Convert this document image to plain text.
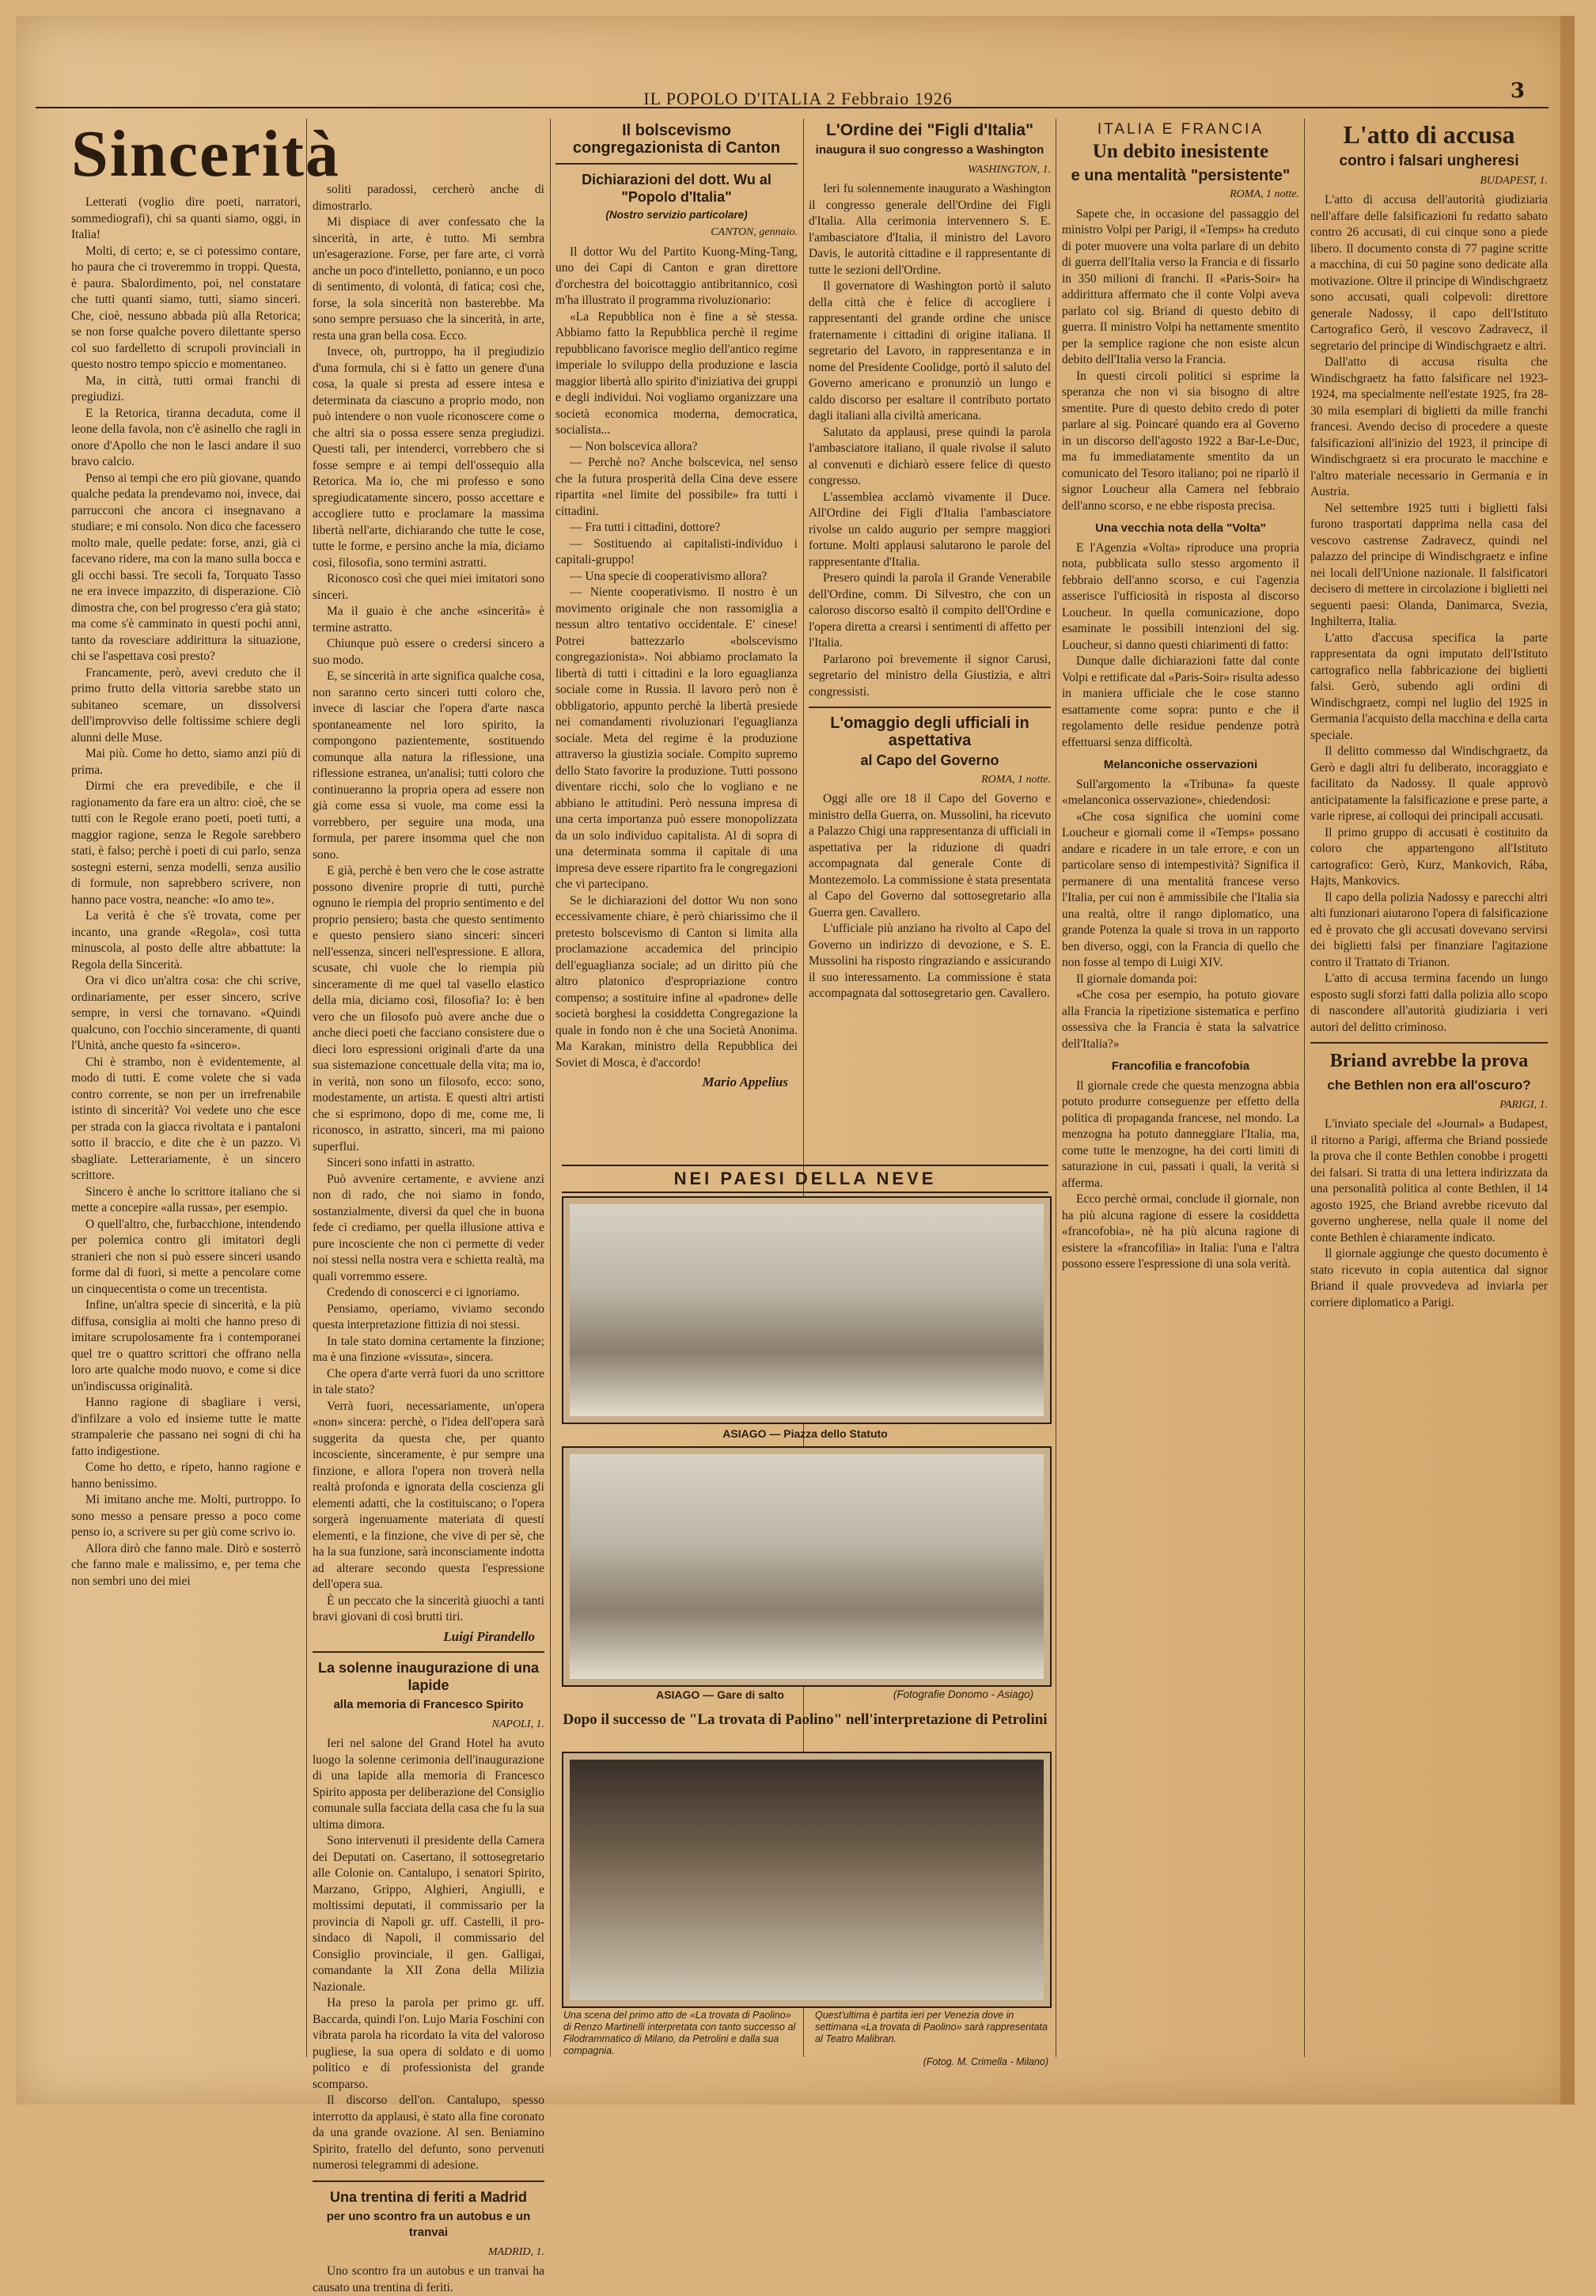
IL POPOLO D'ITALIA 2 Febbraio 1926	3
Sincerità

Letterati (voglio dire poeti, narratori, sommediografi), chi sa quanti siamo, oggi, in Italia!

Molti, di certo; e, se ci potessimo contare, ho paura che ci troveremmo in troppi. Questa, è paura. Sbalordimento, poi, nel constatare che tutti quanti siamo, tutti, siamo sinceri. Che, cioè, nessuno abbada più alla Retorica; se non forse qualche povero dilettante sperso col suo fardelletto di scrupoli provinciali in questo nostro tempo spiccio e momentaneo.

Ma, in città, tutti ormai franchi di pregiudizi.

E la Retorica, tiranna decaduta, come il leone della favola, non c'è asinello che ragli in onore d'Apollo che non le lasci andare il suo bravo calcio.

Penso ai tempi che ero più giovane, quando qualche pedata la prendevamo noi, invece, dai parrucconi che ancora ci insegnavano a studiare; e mi consolo. Non dico che facessero molto male, quelle pedate: forse, anzi, già ci facevano ridere, ma con la mano sulla bocca e gli occhi bassi. Tre secoli fa, Torquato Tasso ne era invece impazzito, di disperazione. Ciò dimostra che, con bel progresso c'era già stato; ma come s'è camminato in questi pochi anni, tanto da rovesciare addirittura la situazione, chi se l'aspettava così presto?

Francamente, però, avevi creduto che il primo frutto della vittoria sarebbe stato un subitaneo scemare, un dissolversi dell'improvviso delle foltissime schiere degli alunni delle Muse.

Mai più. Come ho detto, siamo anzi più di prima.

Dirmi che era prevedibile, e che il ragionamento da fare era un altro: cioè, che se tutti con le Regole erano poeti, poeti tutti, a maggior ragione, senza le Regole sarebbero stati, è falso; perchè i poeti di cui parlo, senza sostegni esterni, senza modelli, senza ausilio di formule, non saprebbero scrivere, non hanno pace vostra, neanche: «Io amo te».

La verità è che s'è trovata, come per incanto, una grande «Regola», così tutta minuscola, al posto delle altre abbattute: la Regola della Sincerità.

Ora vi dico un'altra cosa: che chi scrive, ordinariamente, per esser sincero, scrive sempre, in versi che tornavano. «Quindi qualcuno, con l'occhio sinceramente, di quanti l'Unità, anche questo fa «sincero».

Chi è strambo, non è evidentemente, al modo di tutti. E come volete che si vada contro corrente, se non per un irrefrenabile istinto di sincerità? Voi vedete uno che esce per strada con la giacca rivoltata e i pantaloni sotto il braccio, e dite che è un pazzo. Vi sbagliate. Letterariamente, è un sincero scrittore.

Sincero è anche lo scrittore italiano che si mette a concepire «alla russa», per esempio.

O quell'altro, che, furbacchione, intendendo per polemica contro gli imitatori degli stranieri che non si può essere sinceri usando forme dal di fuori, si mette a pencolare come un cinquecentista o come un trecentista.

Infine, un'altra specie di sincerità, e la più diffusa, consiglia ai molti che hanno preso di imitare scrupolosamente fra i contemporanei quel tre o quattro scrittori che offrano nella loro arte qualche modo nuovo, e come si dice un'indiscussa originalità.

Hanno ragione di sbagliare i versi, d'infilzare a volo ed insieme tutte le matte strampalerie che passano nei sogni di chi ha fatto indigestione.

Come ho detto, e ripeto, hanno ragione e hanno benissimo.

Mi imitano anche me. Molti, purtroppo. Io sono messo a pensare presso a poco come penso io, a scrivere su per giù come scrivo io.

Allora dirò che fanno male. Dirò e sosterrò che fanno male e malissimo, e, per tema che non sembri uno dei miei

soliti paradossi, cercherò anche di dimostrarlo.

Mi dispiace di aver confessato che la sincerità, in arte, è tutto. Mi sembra un'esagerazione. Forse, per fare arte, ci vorrà anche un poco d'intelletto, ponianno, e un poco di sentimento, di volontà, di fatica; così che, forse, la sola sincerità non basterebbe. Ma sono sempre persuaso che la sincerità, in arte, resta una gran bella cosa. Ecco.

Invece, oh, purtroppo, ha il pregiudizio d'una formula, chi si è fatto un genere d'una cosa, la quale si presta ad essere intesa e determinata da ciascuno a proprio modo, non può intendere o non vuole riconoscere come o che altri sia o possa essere senza pregiudizi. Questi tali, per intenderci, vorrebbero che si fosse sempre e ai tempi dell'ossequio alla Retorica. Ma io, che mi professo e sono spregiudicatamente sincero, posso accettare e accogliere tutto e proclamare la massima libertà nell'arte, dichiarando che tutte le cose, tutte le forme, e persino anche la mia, diciamo così, filosofia, sono termini astratti.

Riconosco così che quei miei imitatori sono sinceri.

Ma il guaio è che anche «sincerità» è termine astratto.

Chiunque può essere o credersi sincero a suo modo.

E, se sincerità in arte significa qualche cosa, non saranno certo sinceri tutti coloro che, invece di lasciar che l'opera d'arte nasca spontaneamente nel loro spirito, la compongono pazientemente, sostituendo comunque alla natura la riflessione, una riflessione estranea, un'analisi; tutti coloro che continueranno la propria opera ad essere non già come essa si vuole, ma come essi la vorrebbero, per seguire una moda, una formula, per parere insomma quel che non sono.

E già, perchè è ben vero che le cose astratte possono divenire proprie di tutti, purchè ognuno le riempia del proprio sentimento e del proprio pensiero; basta che questo sentimento e questo pensiero siano sinceri: sinceri nell'essenza, sinceri nell'espressione. E allora, scusate, chi vuole che lo riempia più sinceramente di me quel tal vasello elastico della mia, diciamo così, filosofia? Io: è ben vero che un filosofo può avere anche due o anche dieci poeti che facciano consistere due o dieci loro espressioni originali d'arte da una sua sistemazione concettuale della vita; ma io, in verità, non sono un filosofo, ecco: sono, modestamente, un artista. E questi altri artisti che si esprimono, dopo di me, come me, li riconosco, in astratto, sinceri, ma mi paiono superflui.

Sinceri sono infatti in astratto.

Può avvenire certamente, e avviene anzi non di rado, che noi siamo in fondo, sostanzialmente, diversi da quel che in buona fede ci crediamo, per quella illusione attiva e pure incosciente che non ci permette di veder noi stessi nella nostra vera e schietta realtà, ma quali vorremmo essere.

Credendo di conoscerci e ci ignoriamo.

Pensiamo, operiamo, viviamo secondo questa interpretazione fittizia di noi stessi.

In tale stato domina certamente la finzione; ma è una finzione «vissuta», sincera.

Che opera d'arte verrà fuori da uno scrittore in tale stato?

Verrà fuori, necessariamente, un'opera «non» sincera: perchè, o l'idea dell'opera sarà suggerita da questa che, per quanto incosciente, sinceramente, è pur sempre una finzione, e allora l'opera non troverà nella realtà profonda e ignorata della coscienza gli elementi adatti, che la costituiscano; o l'opera sorgerà ingenuamente materiata di questi elementi, e la finzione, che vive di per sè, che ha la sua funzione, sarà inconsciamente indotta ad alterare secondo questa l'espressione dell'opera sua.

È un peccato che la sincerità giuochi a tanti bravi giovani di così brutti tiri.

Luigi Pirandello
La solenne inaugurazione di una lapide
alla memoria di Francesco Spirito
NAPOLI, 1.

Ieri nel salone del Grand Hotel ha avuto luogo la solenne cerimonia dell'inaugurazione di una lapide alla memoria di Francesco Spirito apposta per deliberazione del Consiglio comunale sulla facciata della casa che fu la sua ultima dimora.

Sono intervenuti il presidente della Camera dei Deputati on. Casertano, il sottosegretario alle Colonie on. Cantalupo, i senatori Spirito, Marzano, Grippo, Alghieri, Angiulli, e moltissimi deputati, il commissario per la provincia di Napoli gr. uff. Castelli, il pro-sindaco di Napoli, il commissario del Consiglio provinciale, il gen. Galligai, comandante la XII Zona della Milizia Nazionale.

Ha preso la parola per primo gr. uff. Baccarda, quindi l'on. Lujo Maria Foschini con vibrata parola ha ricordato la vita del valoroso pugliese, la sua opera di soldato e di uomo politico e di professionista del grande scomparso.

Il discorso dell'on. Cantalupo, spesso interrotto da applausi, è stato alla fine coronato da una grande ovazione. Al sen. Beniamino Spirito, fratello del defunto, sono pervenuti numerosi telegrammi di adesione.

Una trentina di feriti a Madrid
per uno scontro fra un autobus e un tranvai
MADRID, 1.

Uno scontro fra un autobus e un tranvai ha causato una trentina di feriti.

Il bolscevismo congregazionista di Canton
Dichiarazioni del dott. Wu al "Popolo d'Italia"
(Nostro servizio particolare)
CANTON, gennaio.

Il dottor Wu del Partito Kuong-Ming-Tang, uno dei Capi di Canton e gran direttore d'orchestra del boicottaggio antibritannico, così m'ha illustrato il programma rivoluzionario:

«La Repubblica non è fine a sè stessa. Abbiamo fatto la Repubblica perchè il regime repubblicano favorisce meglio dell'antico regime imperiale lo sviluppo della produzione e lascia maggior libertà allo spirito d'iniziativa dei gruppi e degli individui. Noi vogliamo organizzare una società economica moderna, democratica, socialista...

— Non bolscevica allora?

— Perchè no? Anche bolscevica, nel senso che la futura prosperità della Cina deve essere ripartita «nel limite del possibile» fra tutti i cittadini.

— Fra tutti i cittadini, dottore?

— Sostituendo ai capitalisti-individuo i capitali-gruppo!

— Una specie di cooperativismo allora?

— Niente cooperativismo. Il nostro è un movimento originale che non rassomiglia a nessun altro tentativo occidentale. E' cinese! Potrei battezzarlo «bolscevismo congregazionista». Noi abbiamo proclamato la libertà di tutti i cittadini e la loro eguaglianza sociale come in Russia. Il lavoro però non è obbligatorio, appunto perchè la libertà presiede nei comandamenti rivoluzionari l'eguaglianza sociale. Meta del regime è la produzione attraverso la giustizia sociale. Compito supremo dello Stato favorire la produzione. Tutti possono diventare ricchi, solo che lo vogliano e ne abbiano le attitudini. Però nessuna impresa di una certa importanza può essere monopolizzata da un solo individuo capitalista. Al di sopra di una determinata somma il capitale di una impresa deve essere ripartito fra le congregazioni che vi partecipano.

Se le dichiarazioni del dottor Wu non sono eccessivamente chiare, è però chiarissimo che il pretesto bolscevismo di Canton si limita alla proclamazione accademica del principio dell'eguaglianza sociale; ad un diritto più che altro platonico d'espropriazione contro compenso; a sostituire infine al «padrone» delle società borghesi la cosiddetta Congregazione la quale in fondo non è che una Società Anonima. Ma Karakan, ministro della Repubblica dei Soviet di Mosca, è d'accordo!

Mario Appelius
L'Ordine dei "Figli d'Italia"
inaugura il suo congresso a Washington
WASHINGTON, 1.

Ieri fu solennemente inaugurato a Washington il congresso generale dell'Ordine dei Figli d'Italia. Alla cerimonia intervennero S. E. l'ambasciatore d'Italia, il ministro del Lavoro Davis, le autorità cittadine e il rappresentante di tutte le sezioni dell'Ordine.

Il governatore di Washington portò il saluto della città che è felice di accogliere i rappresentanti del grande ordine che unisce fraternamente i cittadini di origine italiana. Il segretario del Lavoro, in rappresentanza e in nome del Presidente Coolidge, portò il saluto del Governo americano e pronunziò un lungo e caldo discorso per esaltare il contributo portato dagli italiani alla civiltà americana.

Salutato da applausi, prese quindi la parola l'ambasciatore italiano, il quale rivolse il saluto al convenuti e dichiarò essere felice di questo congresso.

L'assemblea acclamò vivamente il Duce. All'Ordine dei Figli d'Italia l'ambasciatore rivolse un caldo augurio per sempre maggiori fortune. Molti applausi salutarono le parole del rappresentante d'Italia.

Presero quindi la parola il Grande Venerabile dell'Ordine, comm. Di Silvestro, che con un caloroso discorso esaltò il compito dell'Ordine e l'opera diretta a crearsi i sentimenti di affetto per l'Italia.

Parlarono poi brevemente il signor Carusi, segretario del ministro della Giustizia, e altri congressisti.

L'omaggio degli ufficiali in aspettativa
al Capo del Governo
ROMA, 1 notte.

Oggi alle ore 18 il Capo del Governo e ministro della Guerra, on. Mussolini, ha ricevuto a Palazzo Chigi una rappresentanza di ufficiali in aspettativa per la riduzione di quadri accompagnata dal generale Conte di Montezemolo. La commissione è stata presentata al Capo del Governo dal sottosegretario alla Guerra gen. Cavallero.

L'ufficiale più anziano ha rivolto al Capo del Governo un indirizzo di devozione, e S. E. Mussolini ha risposto ringraziando e assicurando il suo interessamento. La commissione è stata accompagnata dal sottosegretario gen. Cavallero.

NEI PAESI DELLA NEVE
ASIAGO — Piazza dello Statuto
ASIAGO — Gare di salto	(Fotografie Donomo - Asiago)
Dopo il successo de "La trovata di Paolino" nell'interpretazione di Petrolini
Una scena del primo atto de «La trovata di Paolino» di Renzo Martinelli interpretata con tanto successo al Filodrammatico di Milano, da Petrolini e dalla sua compagnia.
Quest'ultima è partita ieri per Venezia dove in settimana «La trovata di Paolino» sarà rappresentata al Teatro Malibran.
(Fotog. M. Crimella - Milano)
ITALIA E FRANCIA
Un debito inesistente
e una mentalità "persistente"
ROMA, 1 notte.

Sapete che, in occasione del passaggio del ministro Volpi per Parigi, il «Temps» ha creduto di poter muovere una volta parlare di un debito di guerra dell'Italia verso la Francia e di fissarlo in 350 milioni di franchi. Il «Paris-Soir» ha addirittura affermato che il conte Volpi aveva parlato col sig. Briand di questo debito di guerra. Il ministro Volpi ha nettamente smentito per la semplice ragione che non esiste alcun debito dell'Italia verso la Francia.

In questi circoli politici si esprime la speranza che non vi sia bisogno di altre smentite. Pure di questo debito credo di poter parlare al sig. Poincaré quando era al Governo in un discorso dell'agosto 1922 a Bar-Le-Duc, ma fu immediatamente smentito da un comunicato del Tesoro italiano; poi ne riparlò il signor Loucheur alla Camera nel febbraio dell'anno scorso, e ne ebbe risposta precisa.

Una vecchia nota della "Volta"

E l'Agenzia «Volta» riproduce una propria nota, pubblicata sullo stesso argomento il febbraio dell'anno scorso, e cui l'agenzia asserisce l'ufficiosità in risposta al discorso Loucheur. In quella comunicazione, dopo esaminate le possibili intenzioni del sig. Loucheur, si danno questi chiarimenti di fatto:

Dunque dalle dichiarazioni fatte dal conte Volpi e rettificate dal «Paris-Soir» risulta adesso in maniera ufficiale che le cose stanno esattamente come sopra: punto e che il regolamento delle residue pendenze potrà effettuarsi senza difficoltà.

Melanconiche osservazioni

Sull'argomento la «Tribuna» fa queste «melanconica osservazione», chiedendosi:

«Che cosa significa che uomini come Loucheur e giornali come il «Temps» possano andare e ricadere in un tale errore, e con un particolare senso di intempestività? Significa il permanere di una mentalità francese verso l'Italia, per cui non è ammissibile che l'Italia sia una realtà, oltre il rango diplomatico, una grande Potenza la quale si trova in un rapporto ben diverso, oggi, con la Francia di quello che non fosse al tempo di Luigi XIV.

Il giornale domanda poi:

«Che cosa per esempio, ha potuto giovare alla Francia la ripetizione sistematica e perfino ossessiva che la Francia è stata la salvatrice dell'Italia?»

Francofilia e francofobia

Il giornale crede che questa menzogna abbia potuto produrre conseguenze per effetto della politica di propaganda francese, nel mondo. La menzogna ha potuto danneggiare l'Italia, ma, come tutte le menzogne, ha dei corti limiti di saturazione in cui, passati i quali, la verità si afferma.

Ecco perchè ormai, conclude il giornale, non ha più alcuna ragione di essere la cosiddetta «francofobia», nè ha più alcuna ragione di esistere la «francofilia» in Italia: l'una e l'altra possono essere l'espressione di una sola verità.

L'atto di accusa
contro i falsari ungheresi
BUDAPEST, 1.

L'atto di accusa dell'autorità giudiziaria nell'affare delle falsificazioni fu redatto sabato contro 26 accusati, di cui cinque sono a piede libero. Il documento consta di 77 pagine scritte a macchina, di cui 50 pagine sono dedicate alla motivazione. Oltre il principe di Windischgraetz sono accusati, quali colpevoli: direttore generale Nadossy, il capo dell'Istituto Cartografico Gerò, il vescovo Zadravecz, il segretario del principe di Windischgraetz e altri.

Dall'atto di accusa risulta che Windischgraetz ha fatto falsificare nel 1923-1924, ma specialmente nell'estate 1925, fra 28-30 mila esemplari di biglietti da mille franchi francesi. Avendo deciso di procedere a queste falsificazioni all'inizio del 1923, il principe di Windischgraetz si era procurato le macchine e l'altro materiale necessario in Germania e in Austria.

Nel settembre 1925 tutti i biglietti falsi furono trasportati dapprima nella casa del vescovo castrense Zadravecz, quindi nel palazzo del principe di Windischgraetz e infine nei locali dell'Unione nazionale. Il falsificatori decisero di mettere in circolazione i biglietti nei seguenti paesi: Olanda, Danimarca, Svezia, Inghilterra, Italia.

L'atto d'accusa specifica la parte rappresentata da ogni imputato dell'Istituto cartografico nella fabbricazione dei biglietti falsi. Gerò, subendo agli ordini di Windischgraetz, compì nel luglio del 1925 in Germania l'acquisto della macchina e della carta speciale.

Il delitto commesso dal Windischgraetz, da Gerò e dagli altri fu deliberato, incoraggiato e facilitato da Nadossy. Il quale approvò anticipatamente la falsificazione e prese parte, a varie riprese, ai colloqui dei principali accusati.

Il primo gruppo di accusati è costituito da coloro che appartengono all'Istituto cartografico: Gerò, Kurz, Mankovich, Rába, Hajts, Mankovics.

Il capo della polizia Nadossy e parecchi altri alti funzionari aiutarono l'opera di falsificazione ed è provato che gli accusati dovevano servirsi dei biglietti falsi per finanziare l'agitazione contro il Trattato di Trianon.

L'atto di accusa termina facendo un lungo esposto sugli sforzi fatti dalla polizia allo scopo di nascondere all'autorità giudiziaria i veri autori del delitto criminoso.

Briand avrebbe la prova
che Bethlen non era all'oscuro?
PARIGI, 1.

L'inviato speciale del «Journal» a Budapest, il ritorno a Parigi, afferma che Briand possiede la prova che il conte Bethlen conobbe i progetti dei falsari. Si tratta di una lettera indirizzata da una personalità politica al conte Bethlen, il 14 agosto 1925, che Briand avrebbe ricevuto dal governo ungherese, nella quale il nome del conte Bethlen è chiaramente indicato.

Il giornale aggiunge che questo documento è stato ricevuto in copia autentica dal signor Briand il quale provvedeva ad inviarla per corriere diplomatico a Parigi.
